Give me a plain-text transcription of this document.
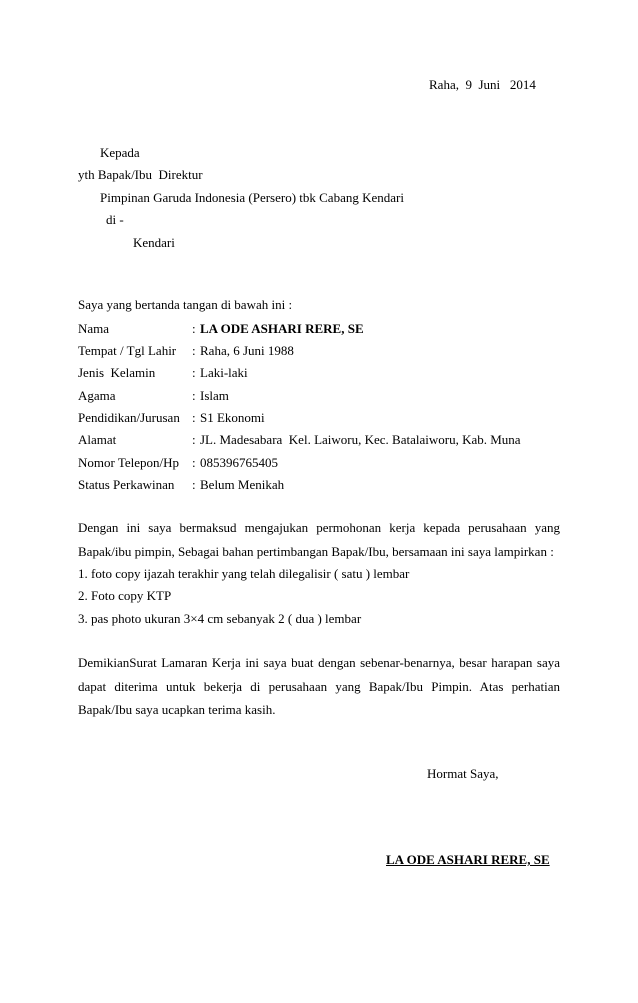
Raha,  9  Juni   2014
Kepada
yth Bapak/Ibu  Direktur
Pimpinan Garuda Indonesia (Persero) tbk Cabang Kendari
di -
Kendari
Saya yang bertanda tangan di bawah ini :
Nama	: LA ODE ASHARI RERE, SE
Tempat / Tgl Lahir : Raha, 6 Juni 1988
Jenis  Kelamin	: Laki-laki
Agama	: Islam
Pendidikan/Jurusan : S1 Ekonomi
Alamat	: JL. Madesabara  Kel. Laiworu, Kec. Batalaiworu, Kab. Muna
Nomor Telepon/Hp : 085396765405
Status Perkawinan : Belum Menikah
Dengan ini saya bermaksud mengajukan permohonan kerja kepada perusahaan yang Bapak/ibu pimpin, Sebagai bahan pertimbangan Bapak/Ibu, bersamaan ini saya lampirkan :
1. foto copy ijazah terakhir yang telah dilegalisir ( satu ) lembar
2. Foto copy KTP
3. pas photo ukuran 3×4 cm sebanyak 2 ( dua ) lembar
DemikianSurat Lamaran Kerja ini saya buat dengan sebenar-benarnya, besar harapan saya dapat diterima untuk bekerja di perusahaan yang Bapak/Ibu Pimpin. Atas perhatian Bapak/Ibu saya ucapkan terima kasih.
Hormat Saya,
LA ODE ASHARI RERE, SE
